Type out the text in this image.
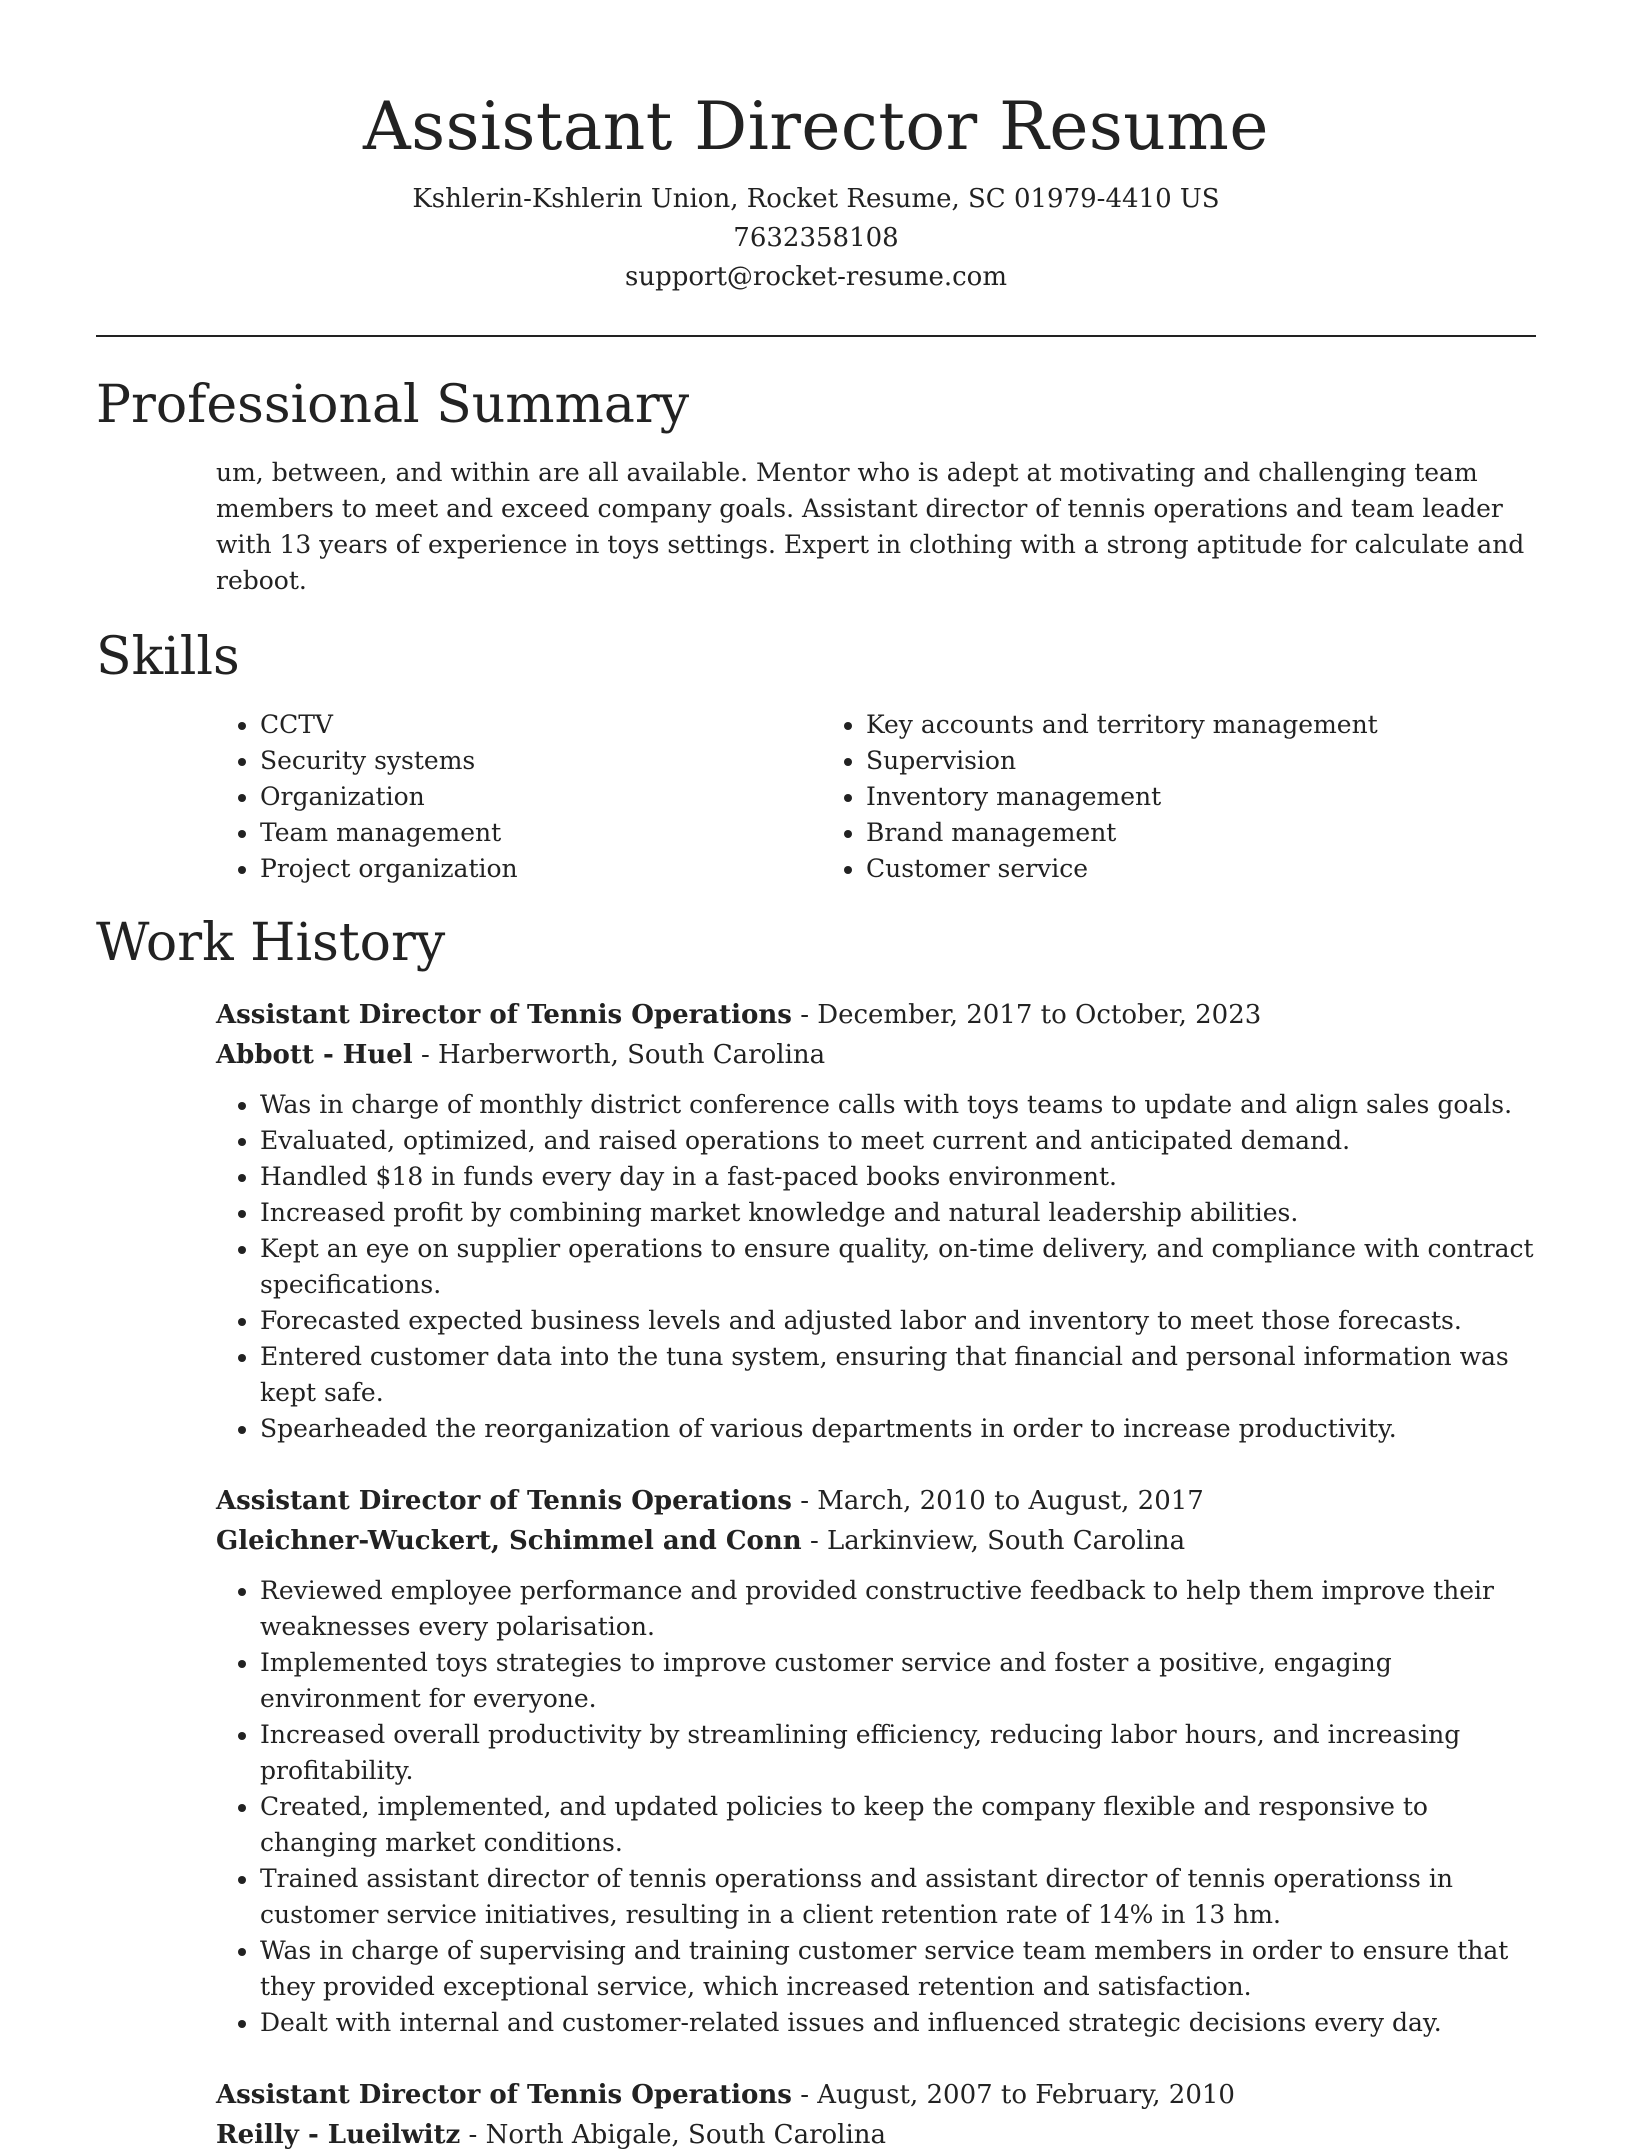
Assistant Director Resume
Kshlerin-Kshlerin Union, Rocket Resume, SC 01979-4410 US
7632358108
support@rocket-resume.com
Professional Summary

um, between, and within are all available. Mentor who is adept at motivating and challenging team members to meet and exceed company goals. Assistant director of tennis operations and team leader with 13 years of experience in toys settings. Expert in clothing with a strong aptitude for calculate and reboot.

Skills
• CCTV
• Security systems
• Organization
• Team management
• Project organization
• Key accounts and territory management
• Supervision
• Inventory management
• Brand management
• Customer service
Work History
Assistant Director of Tennis Operations - December, 2017 to October, 2023
Abbott - Huel - Harberworth, South Carolina
• Was in charge of monthly district conference calls with toys teams to update and align sales goals.
• Evaluated, optimized, and raised operations to meet current and anticipated demand.
• Handled $18 in funds every day in a fast-paced books environment.
• Increased profit by combining market knowledge and natural leadership abilities.
• Kept an eye on supplier operations to ensure quality, on-time delivery, and compliance with contract specifications.
• Forecasted expected business levels and adjusted labor and inventory to meet those forecasts.
• Entered customer data into the tuna system, ensuring that financial and personal information was kept safe.
• Spearheaded the reorganization of various departments in order to increase productivity.
Assistant Director of Tennis Operations - March, 2010 to August, 2017
Gleichner-Wuckert, Schimmel and Conn - Larkinview, South Carolina
• Reviewed employee performance and provided constructive feedback to help them improve their weaknesses every polarisation.
• Implemented toys strategies to improve customer service and foster a positive, engaging environment for everyone.
• Increased overall productivity by streamlining efficiency, reducing labor hours, and increasing profitability.
• Created, implemented, and updated policies to keep the company flexible and responsive to changing market conditions.
• Trained assistant director of tennis operationss and assistant director of tennis operationss in customer service initiatives, resulting in a client retention rate of 14% in 13 hm.
• Was in charge of supervising and training customer service team members in order to ensure that they provided exceptional service, which increased retention and satisfaction.
• Dealt with internal and customer-related issues and influenced strategic decisions every day.
Assistant Director of Tennis Operations - August, 2007 to February, 2010
Reilly - Lueilwitz - North Abigale, South Carolina
